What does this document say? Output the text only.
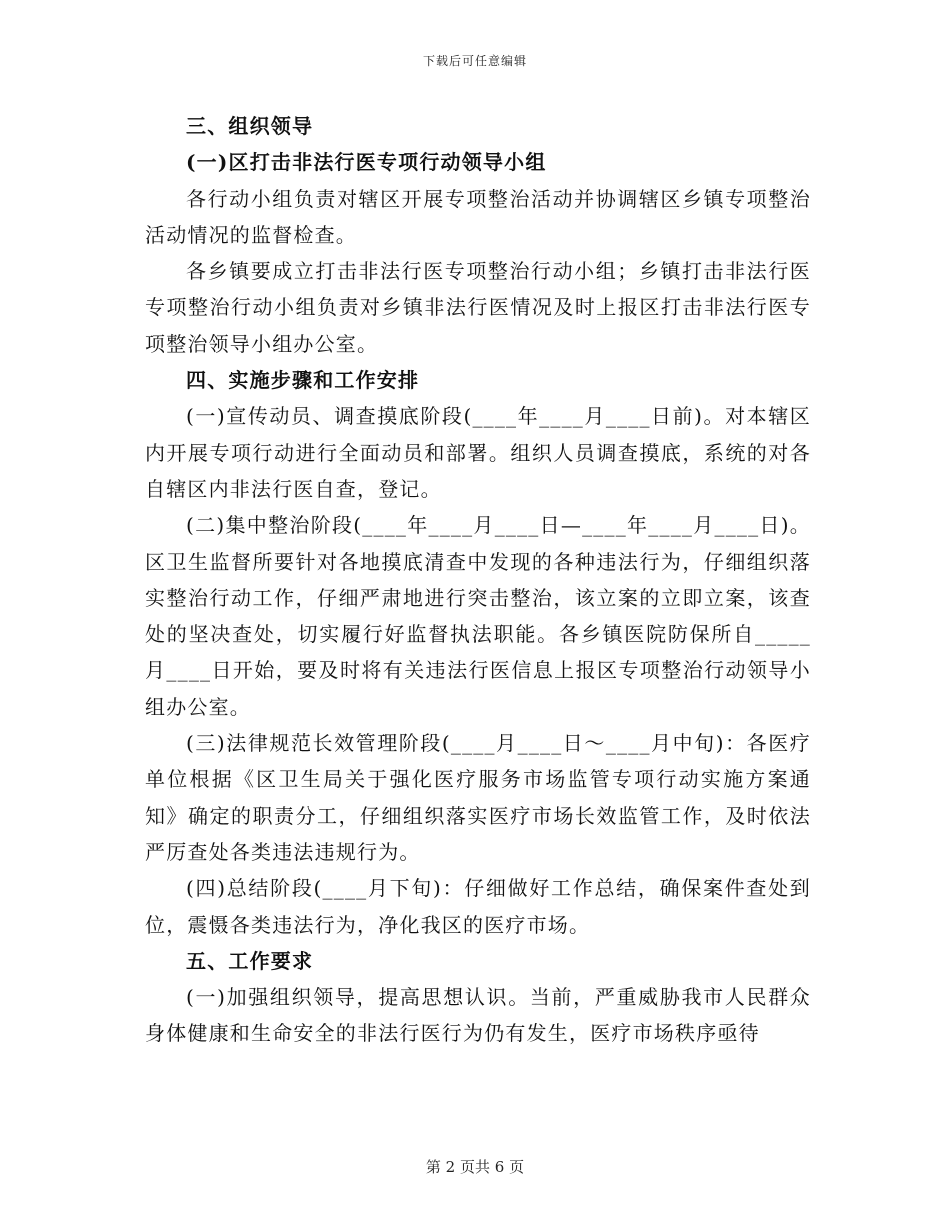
下载后可任意编辑

三、组织领导

(一)区打击非法行医专项行动领导小组

各行动小组负责对辖区开展专项整治活动并协调辖区乡镇专项整治活动情况的监督检查。

各乡镇要成立打击非法行医专项整治行动小组；乡镇打击非法行医专项整治行动小组负责对乡镇非法行医情况及时上报区打击非法行医专项整治领导小组办公室。

四、实施步骤和工作安排

(一)宣传动员、调查摸底阶段(____年____月____日前)。对本辖区内开展专项行动进行全面动员和部署。组织人员调查摸底，系统的对各自辖区内非法行医自查，登记。

(二)集中整治阶段(____年____月____日—____年____月____日)。区卫生监督所要针对各地摸底清查中发现的各种违法行为，仔细组织落实整治行动工作，仔细严肃地进行突击整治，该立案的立即立案，该查处的坚决查处，切实履行好监督执法职能。各乡镇医院防保所自_____月____日开始，要及时将有关违法行医信息上报区专项整治行动领导小组办公室。

(三)法律规范长效管理阶段(____月____日～____月中旬)：各医疗单位根据《区卫生局关于强化医疗服务市场监管专项行动实施方案通知》确定的职责分工，仔细组织落实医疗市场长效监管工作，及时依法严厉查处各类违法违规行为。

(四)总结阶段(____月下旬)：仔细做好工作总结，确保案件查处到位，震慑各类违法行为，净化我区的医疗市场。

五、工作要求

(一)加强组织领导，提高思想认识。当前，严重威胁我市人民群众身体健康和生命安全的非法行医行为仍有发生，医疗市场秩序亟待

第 2 页共 6 页
